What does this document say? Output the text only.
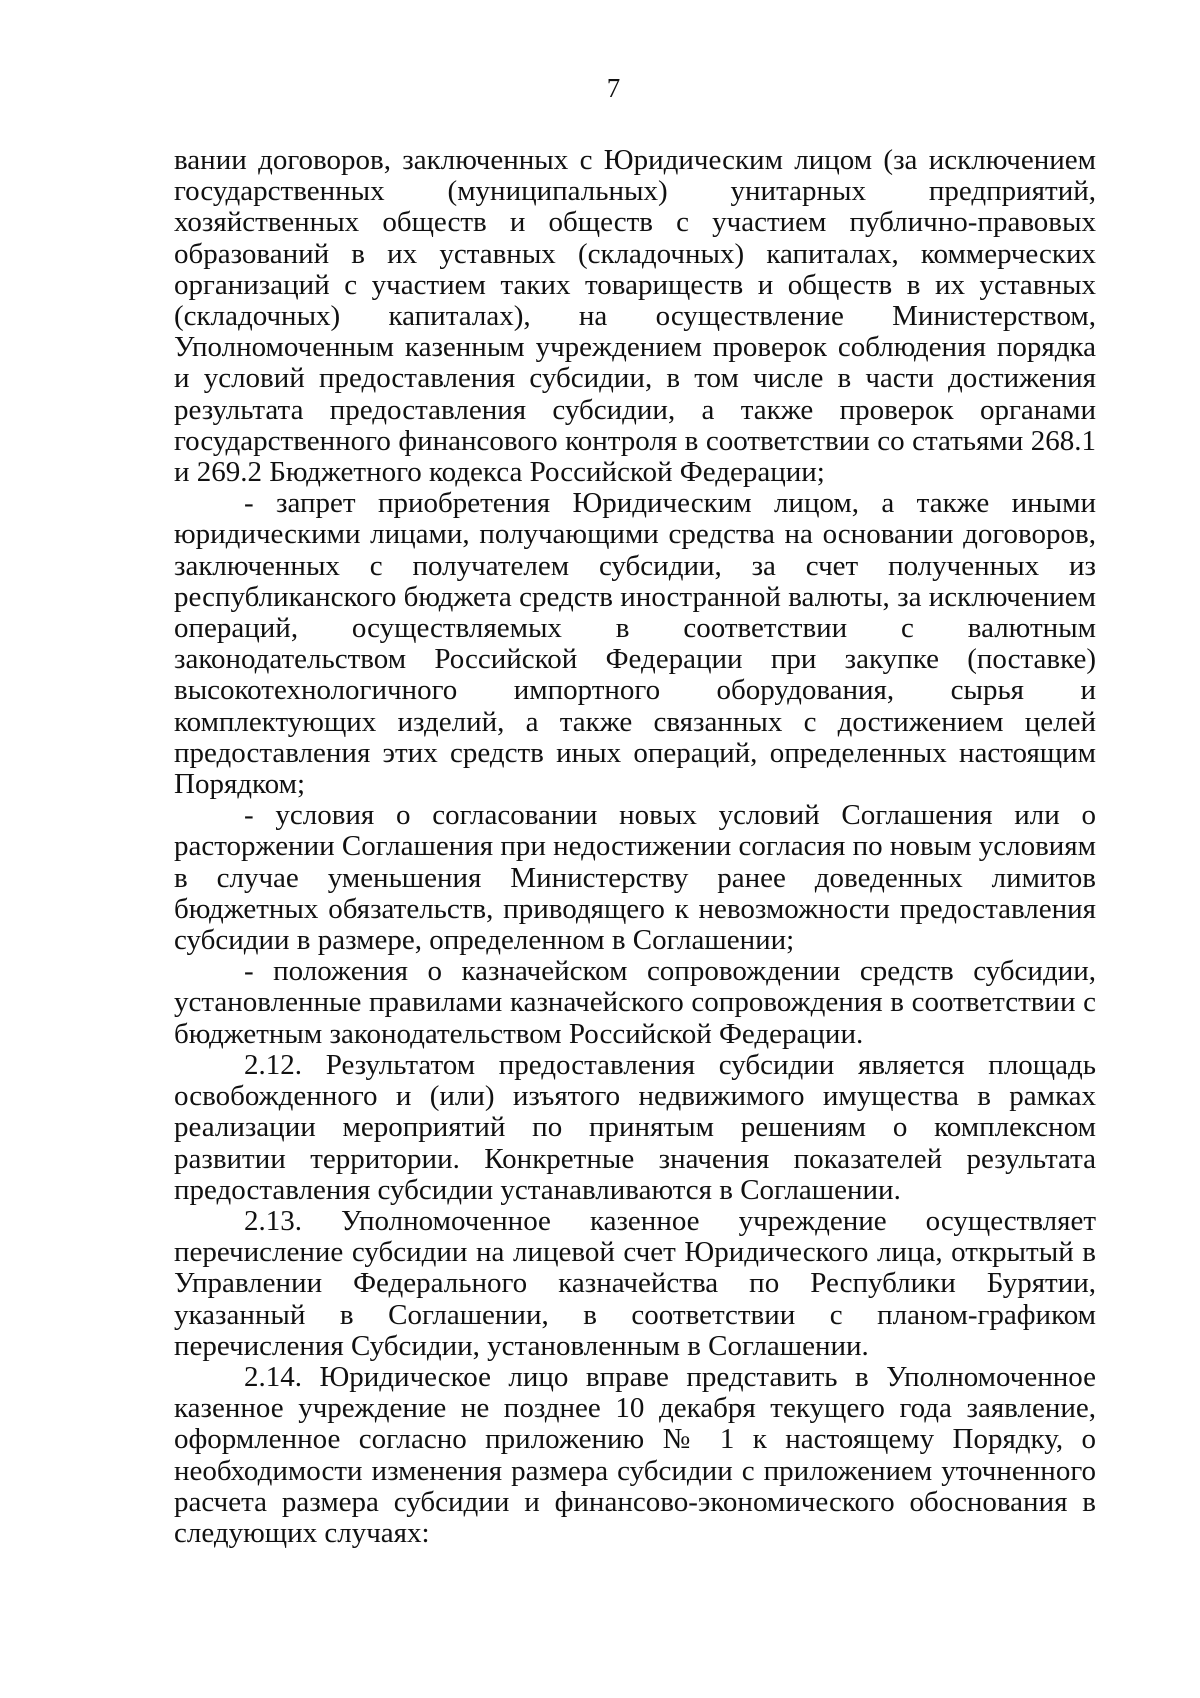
7

вании договоров, заключенных с Юридическим лицом (за исключением государственных (муниципальных) унитарных предприятий, хозяйственных обществ и обществ с участием публично-правовых образований в их уставных (складочных) капиталах, коммерческих организаций с участием таких товариществ и обществ в их уставных (складочных) капиталах), на осуществление Министерством, Уполномоченным казенным учреждением проверок соблюдения порядка и условий предоставления субсидии, в том числе в части достижения результата предоставления субсидии, а также проверок органами государственного финансового контроля в соответствии со статьями 268.1 и 269.2 Бюджетного кодекса Российской Федерации;

- запрет приобретения Юридическим лицом, а также иными юридическими лицами, получающими средства на основании договоров, заключенных с получателем субсидии, за счет полученных из республиканского бюджета средств иностранной валюты, за исключением операций, осуществляемых в соответствии с валютным законодательством Российской Федерации при закупке (поставке) высокотехнологичного импортного оборудования, сырья и комплектующих изделий, а также связанных с достижением целей предоставления этих средств иных операций, определенных настоящим Порядком;

- условия о согласовании новых условий Соглашения или о расторжении Соглашения при недостижении согласия по новым условиям в случае уменьшения Министерству ранее доведенных лимитов бюджетных обязательств, приводящего к невозможности предоставления субсидии в размере, определенном в Соглашении;

- положения о казначейском сопровождении средств субсидии, установленные правилами казначейского сопровождения в соответствии с бюджетным законодательством Российской Федерации.

2.12. Результатом предоставления субсидии является площадь освобожденного и (или) изъятого недвижимого имущества в рамках реализации мероприятий по принятым решениям о комплексном развитии территории. Конкретные значения показателей результата предоставления субсидии устанавливаются в Соглашении.

2.13. Уполномоченное казенное учреждение осуществляет перечисление субсидии на лицевой счет Юридического лица, открытый в Управлении Федерального казначейства по Республики Бурятии, указанный в Соглашении, в соответствии с планом-графиком перечисления Субсидии, установленным в Соглашении.

2.14. Юридическое лицо вправе представить в Уполномоченное казенное учреждение не позднее 10 декабря текущего года заявление, оформленное согласно приложению № 1 к настоящему Порядку, о необходимости изменения размера субсидии с приложением уточненного расчета размера субсидии и финансово-экономического обоснования в следующих случаях:
